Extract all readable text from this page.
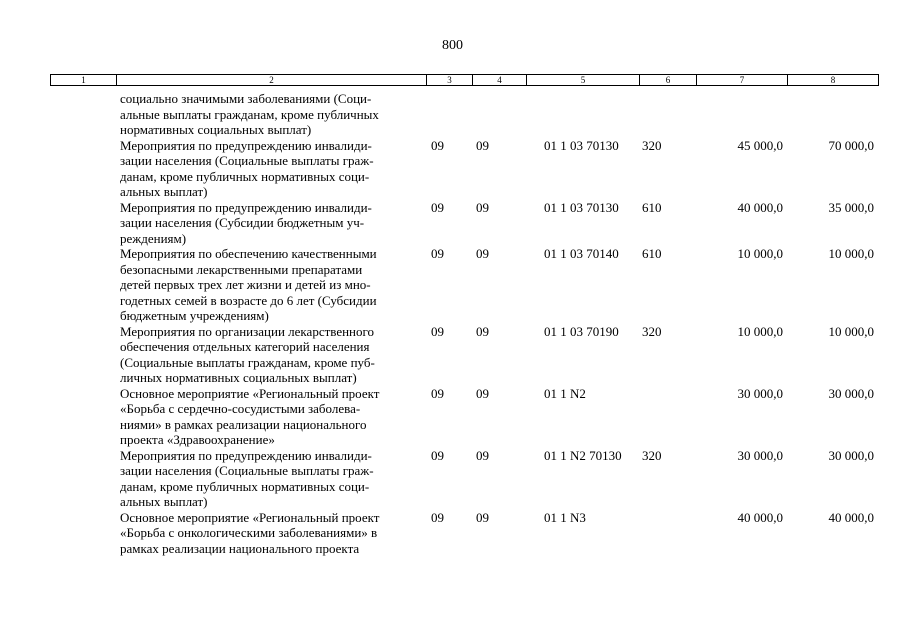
800
1	2	3	4	5	6	7	8
социально значимыми заболеваниями (Соци-
альные выплаты гражданам, кроме публичных
нормативных социальных выплат)						

Мероприятия по предупреждению инвалиди-
зации населения (Социальные выплаты граж-
данам, кроме публичных нормативных соци-
альных выплат)	09	09	01 1 03 70130	320	45 000,0	70 000,0

Мероприятия по предупреждению инвалиди-
зации населения (Субсидии бюджетным уч-
реждениям)	09	09	01 1 03 70130	610	40 000,0	35 000,0

Мероприятия по обеспечению качественными
безопасными лекарственными препаратами
детей первых трех лет жизни и детей из мно-
годетных семей в возрасте до 6 лет (Субсидии
бюджетным учреждениям)	09	09	01 1 03 70140	610	10 000,0	10 000,0

Мероприятия по организации лекарственного
обеспечения отдельных категорий населения
(Социальные выплаты гражданам, кроме пуб-
личных нормативных социальных выплат)	09	09	01 1 03 70190	320	10 000,0	10 000,0

Основное мероприятие «Региональный проект
«Борьба с сердечно-сосудистыми заболева-
ниями» в рамках реализации национального
проекта «Здравоохранение»	09	09	01 1 N2		30 000,0	30 000,0

Мероприятия по предупреждению инвалиди-
зации населения (Социальные выплаты граж-
данам, кроме публичных нормативных соци-
альных выплат)	09	09	01 1 N2 70130	320	30 000,0	30 000,0

Основное мероприятие «Региональный проект
«Борьба с онкологическими заболеваниями» в
рамках реализации национального проекта	09	09	01 1 N3		40 000,0	40 000,0
